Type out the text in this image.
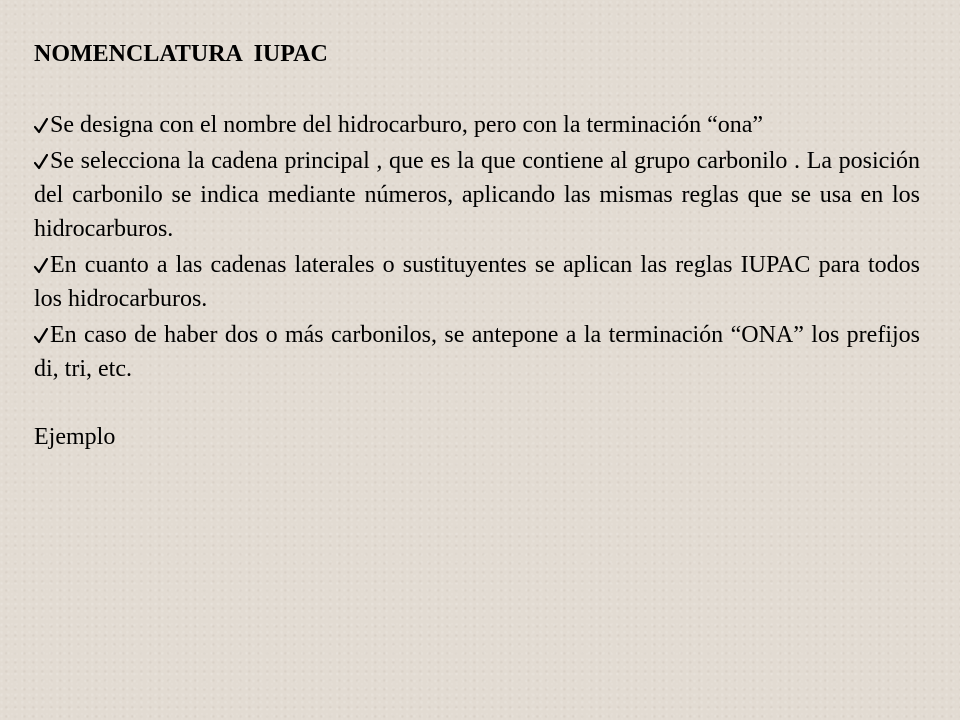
NOMENCLATURA IUPAC
Se designa con el nombre del hidrocarburo, pero con la terminación “ona”
Se selecciona la cadena principal , que es la que contiene al grupo carbonilo . La posición del carbonilo se indica mediante números, aplicando las mismas reglas que se usa en los hidrocarburos.
En cuanto a las cadenas laterales o sustituyentes se aplican las reglas IUPAC para todos los hidrocarburos.
En caso de haber dos o más carbonilos, se antepone a la terminación “ONA” los prefijos di, tri, etc.
Ejemplo
